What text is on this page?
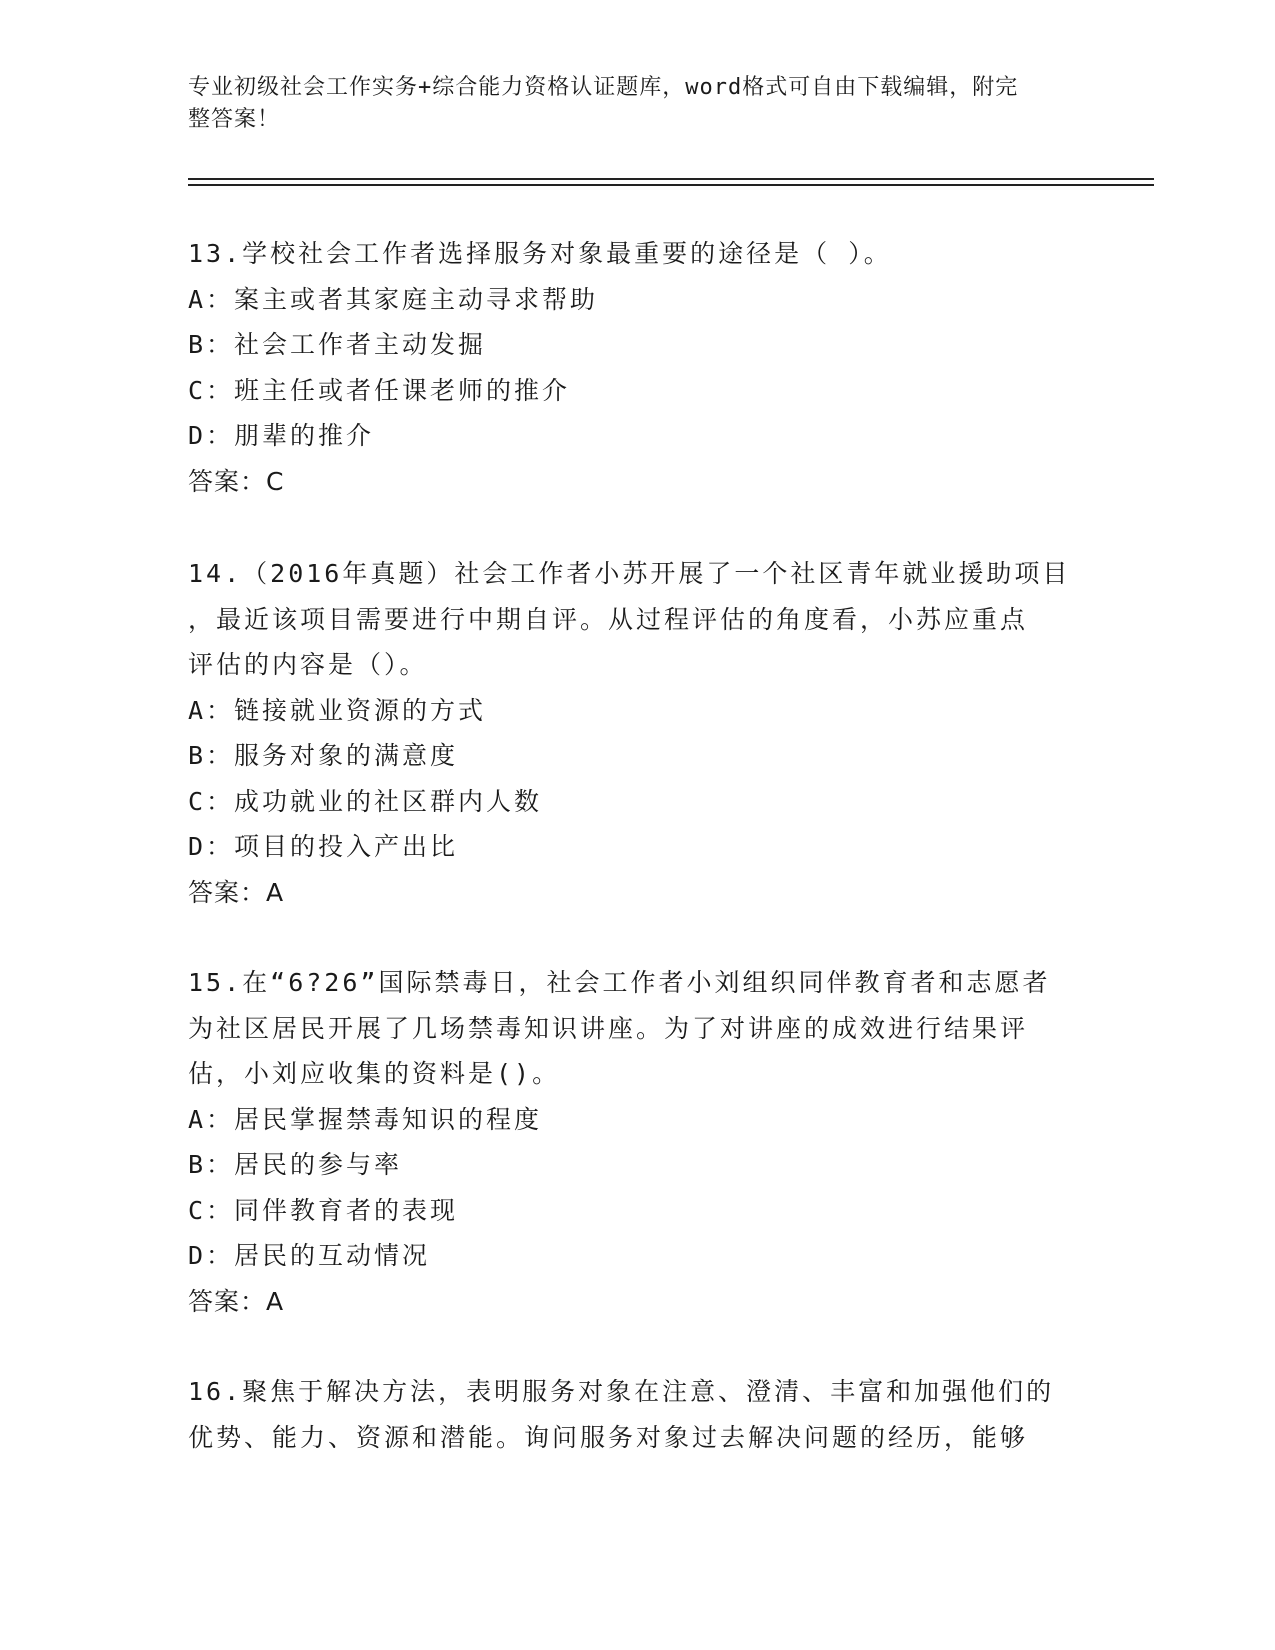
专业初级社会工作实务+综合能力资格认证题库，word格式可自由下载编辑，附完
整答案！
13.学校社会工作者选择服务对象最重要的途径是（ ）。
A：案主或者其家庭主动寻求帮助
B：社会工作者主动发掘
C：班主任或者任课老师的推介
D：朋辈的推介
答案：C
14.（2016年真题）社会工作者小苏开展了一个社区青年就业援助项目
，最近该项目需要进行中期自评。从过程评估的角度看，小苏应重点
评估的内容是（）。
A：链接就业资源的方式
B：服务对象的满意度
C：成功就业的社区群内人数
D：项目的投入产出比
答案：A
15.在“6?26”国际禁毒日，社会工作者小刘组织同伴教育者和志愿者
为社区居民开展了几场禁毒知识讲座。为了对讲座的成效进行结果评
估，小刘应收集的资料是()。
A：居民掌握禁毒知识的程度
B：居民的参与率
C：同伴教育者的表现
D：居民的互动情况
答案：A
16.聚焦于解决方法，表明服务对象在注意、澄清、丰富和加强他们的
优势、能力、资源和潜能。询问服务对象过去解决问题的经历，能够
